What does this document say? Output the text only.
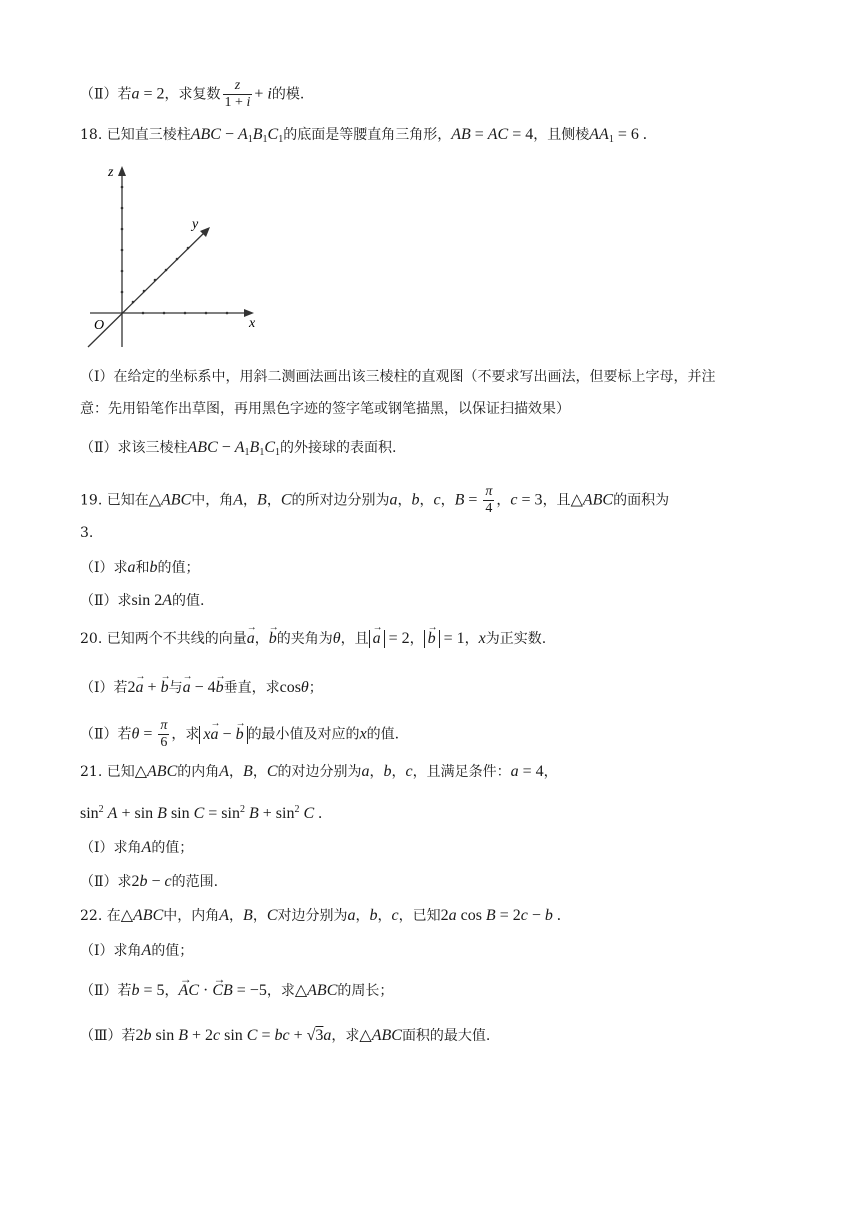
（Ⅱ）若a = 2，求复数 $\frac{z}{1 + i} + i$的模.
18. 已知直三棱柱ABC − $A_1B_1C_1$的底面是等腰直角三角形，AB = AC = 4，且侧棱$AA_1 = 6$ .
z
y
x
O
（Ⅰ）在给定的坐标系中，用斜二测画法画出该三棱柱的直观图（不要求写出画法，但要标上字母，并注
意：先用铅笔作出草图，再用黑色字迹的签字笔或钢笔描黑，以保证扫描效果）
（Ⅱ）求该三棱柱ABC − $A_1B_1C_1$的外接球的表面积.
19. 已知在△ABC中，角A，B，C的所对边分别为a，b，c，$B = \frac{\pi}{4}$ ，c = 3，且△ABC的面积为
3.
（Ⅰ）求a和b的值；
（Ⅱ）求sin 2A的值.
20. 已知两个不共线的向量→ a，→ b的夹角为θ，且 → a = 2， → b = 1，x为正实数.
（Ⅰ）若2→ a + → b与→ a − 4→ b垂直，求cosθ；
（Ⅱ）若$\theta = \frac{\pi}{6}$ ，求 x→ a − → b 的最小值及对应的x的值.
21. 已知△ABC的内角A，B，C的对边分别为a，b，c，且满足条件：a = 4，
$\sin^2 A + \sin B$ $\sin C = \sin^2 B + \sin^2 C$ .
（Ⅰ）求角A的值；
（Ⅱ）求2b − c的范围.
22. 在△ABC中，内角A，B，C对边分别为a，b，c，已知2a cos B = 2c − b .
（Ⅰ）求角A的值；
（Ⅱ）若b = 5，→ AC · → CB = −5，求△ABC的周长；
（Ⅲ）若2b sin B + 2c sin C = bc + √3a，求△ABC面积的最大值.
